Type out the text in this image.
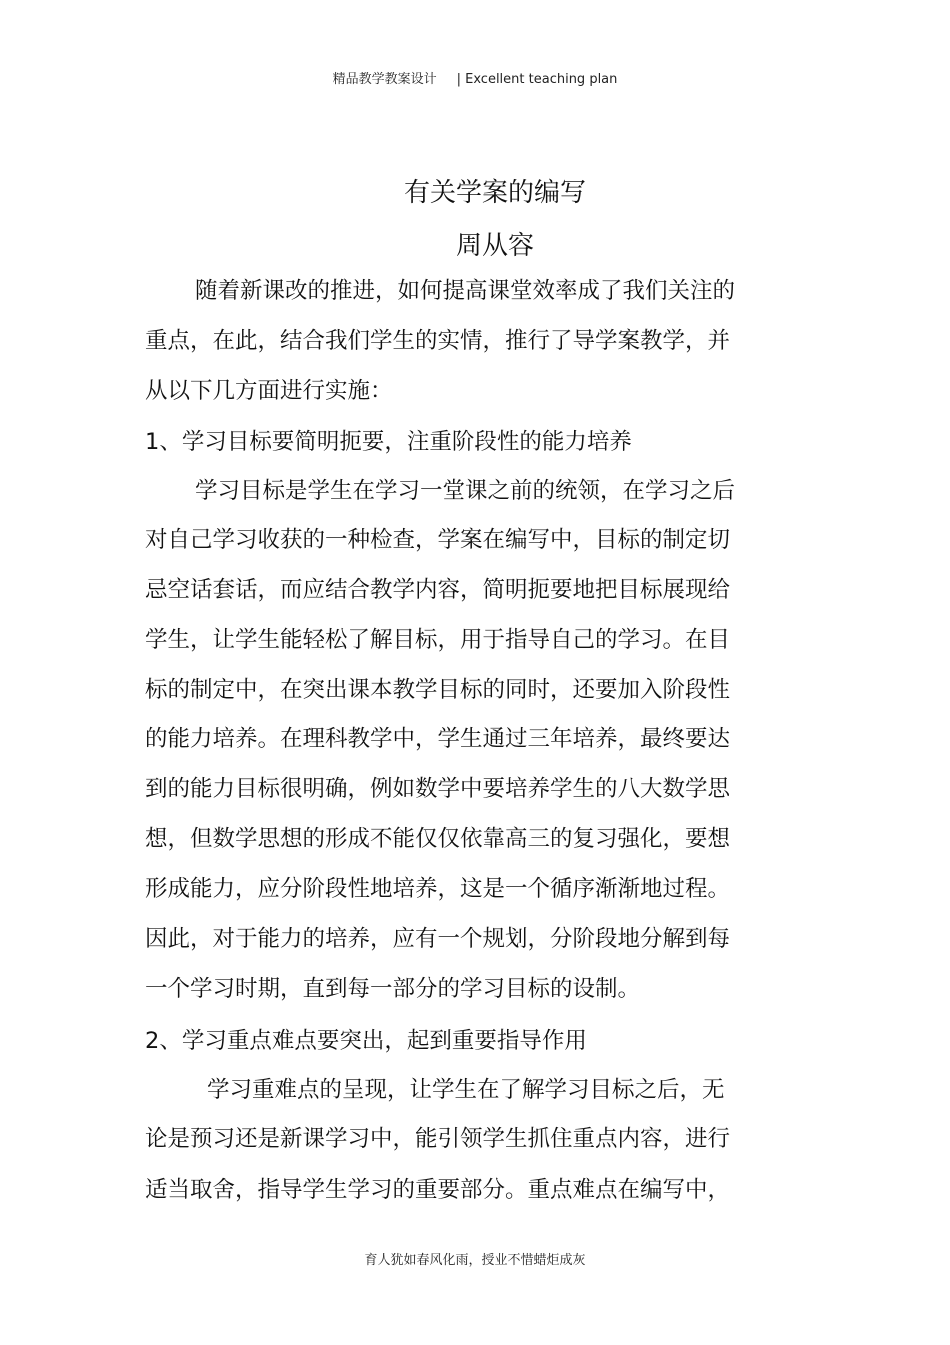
精品教学教案设计 | Excellent teaching plan
有关学案的编写
周从容
随着新课改的推进，如何提高课堂效率成了我们关注的
重点，在此，结合我们学生的实情，推行了导学案教学，并
从以下几方面进行实施：
1、学习目标要简明扼要，注重阶段性的能力培养
学习目标是学生在学习一堂课之前的统领，在学习之后
对自己学习收获的一种检查，学案在编写中，目标的制定切
忌空话套话，而应结合教学内容，简明扼要地把目标展现给
学生，让学生能轻松了解目标，用于指导自己的学习。在目
标的制定中，在突出课本教学目标的同时，还要加入阶段性
的能力培养。在理科教学中，学生通过三年培养，最终要达
到的能力目标很明确，例如数学中要培养学生的八大数学思
想，但数学思想的形成不能仅仅依靠高三的复习强化，要想
形成能力，应分阶段性地培养，这是一个循序渐渐地过程。
因此，对于能力的培养，应有一个规划，分阶段地分解到每
一个学习时期，直到每一部分的学习目标的设制。
2、学习重点难点要突出，起到重要指导作用
学习重难点的呈现，让学生在了解学习目标之后，无
论是预习还是新课学习中，能引领学生抓住重点内容，进行
适当取舍，指导学生学习的重要部分。重点难点在编写中，
育人犹如春风化雨，授业不惜蜡炬成灰
